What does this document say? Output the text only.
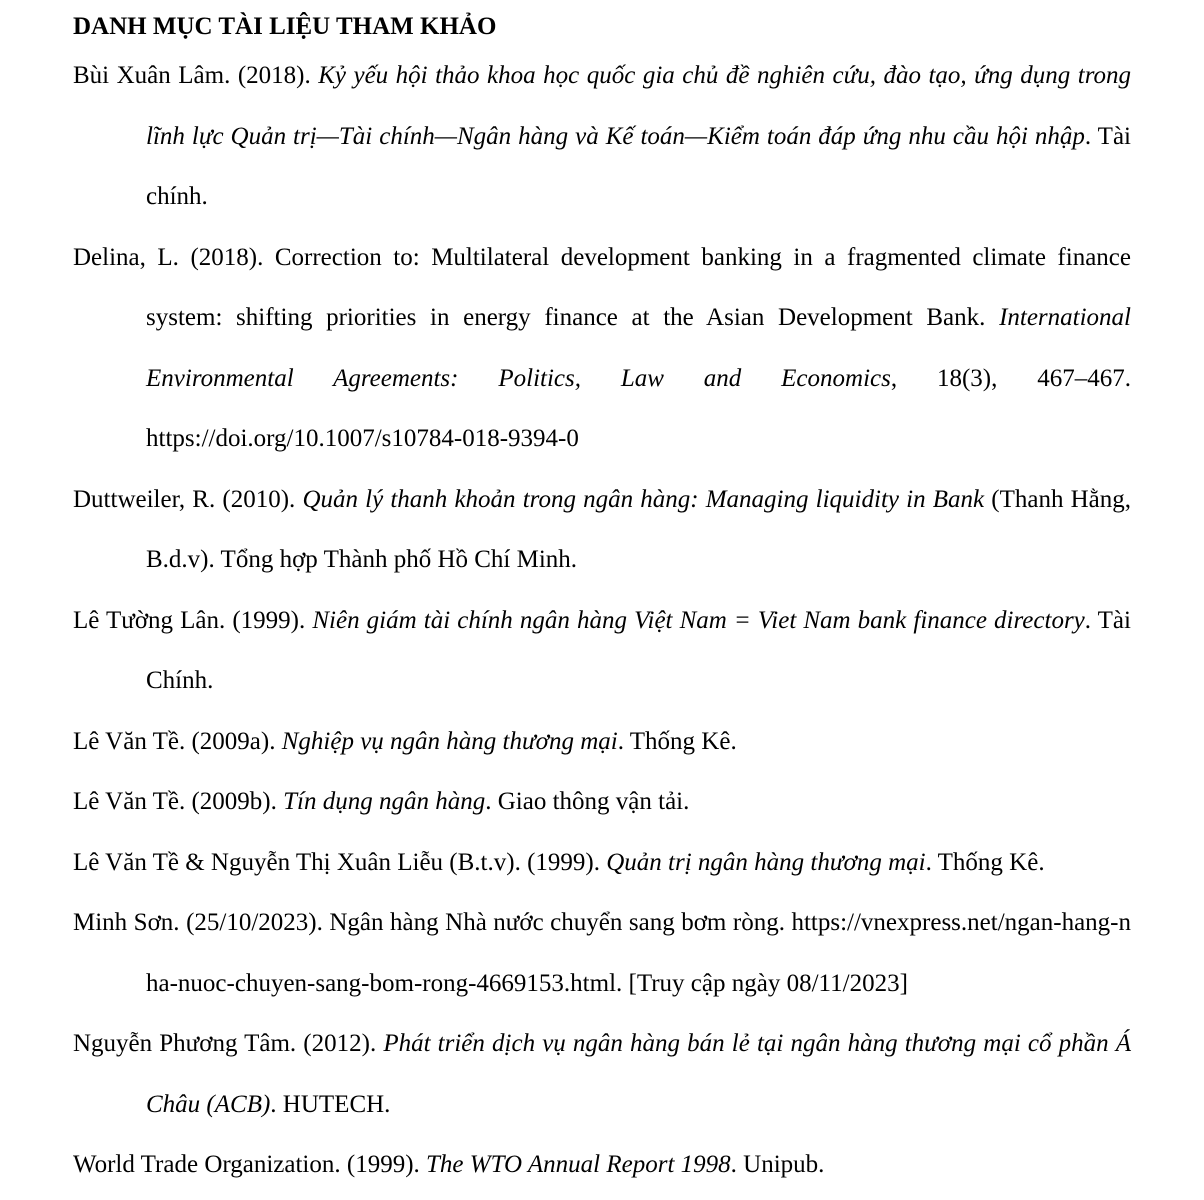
DANH MỤC TÀI LIỆU THAM KHẢO

Bùi Xuân Lâm. (2018). Kỷ yếu hội thảo khoa học quốc gia chủ đề nghiên cứu, đào tạo, ứng dụng trong lĩnh lực Quản trị—Tài chính—Ngân hàng và Kế toán—Kiểm toán đáp ứng nhu cầu hội nhập. Tài chính.

Delina, L. (2018). Correction to: Multilateral development banking in a fragmented climate finance system: shifting priorities in energy finance at the Asian Development Bank. International Environmental Agreements: Politics, Law and Economics, 18(3), 467–467. https://doi.org/10.1007/s10784-018-9394-0

Duttweiler, R. (2010). Quản lý thanh khoản trong ngân hàng: Managing liquidity in Bank (Thanh Hằng, B.d.v). Tổng hợp Thành phố Hồ Chí Minh.

Lê Tường Lân. (1999). Niên giám tài chính ngân hàng Việt Nam = Viet Nam bank finance directory. Tài Chính.

Lê Văn Tề. (2009a). Nghiệp vụ ngân hàng thương mại. Thống Kê.

Lê Văn Tề. (2009b). Tín dụng ngân hàng. Giao thông vận tải.

Lê Văn Tề & Nguyễn Thị Xuân Liễu (B.t.v). (1999). Quản trị ngân hàng thương mại. Thống Kê.

Minh Sơn. (25/10/2023). Ngân hàng Nhà nước chuyển sang bơm ròng. https://vnexpress.net/ngan-hang-nha-nuoc-chuyen-sang-bom-rong-4669153.html. [Truy cập ngày 08/11/2023]

Nguyễn Phương Tâm. (2012). Phát triển dịch vụ ngân hàng bán lẻ tại ngân hàng thương mại cổ phần Á Châu (ACB). HUTECH.

World Trade Organization. (1999). The WTO Annual Report 1998. Unipub.
